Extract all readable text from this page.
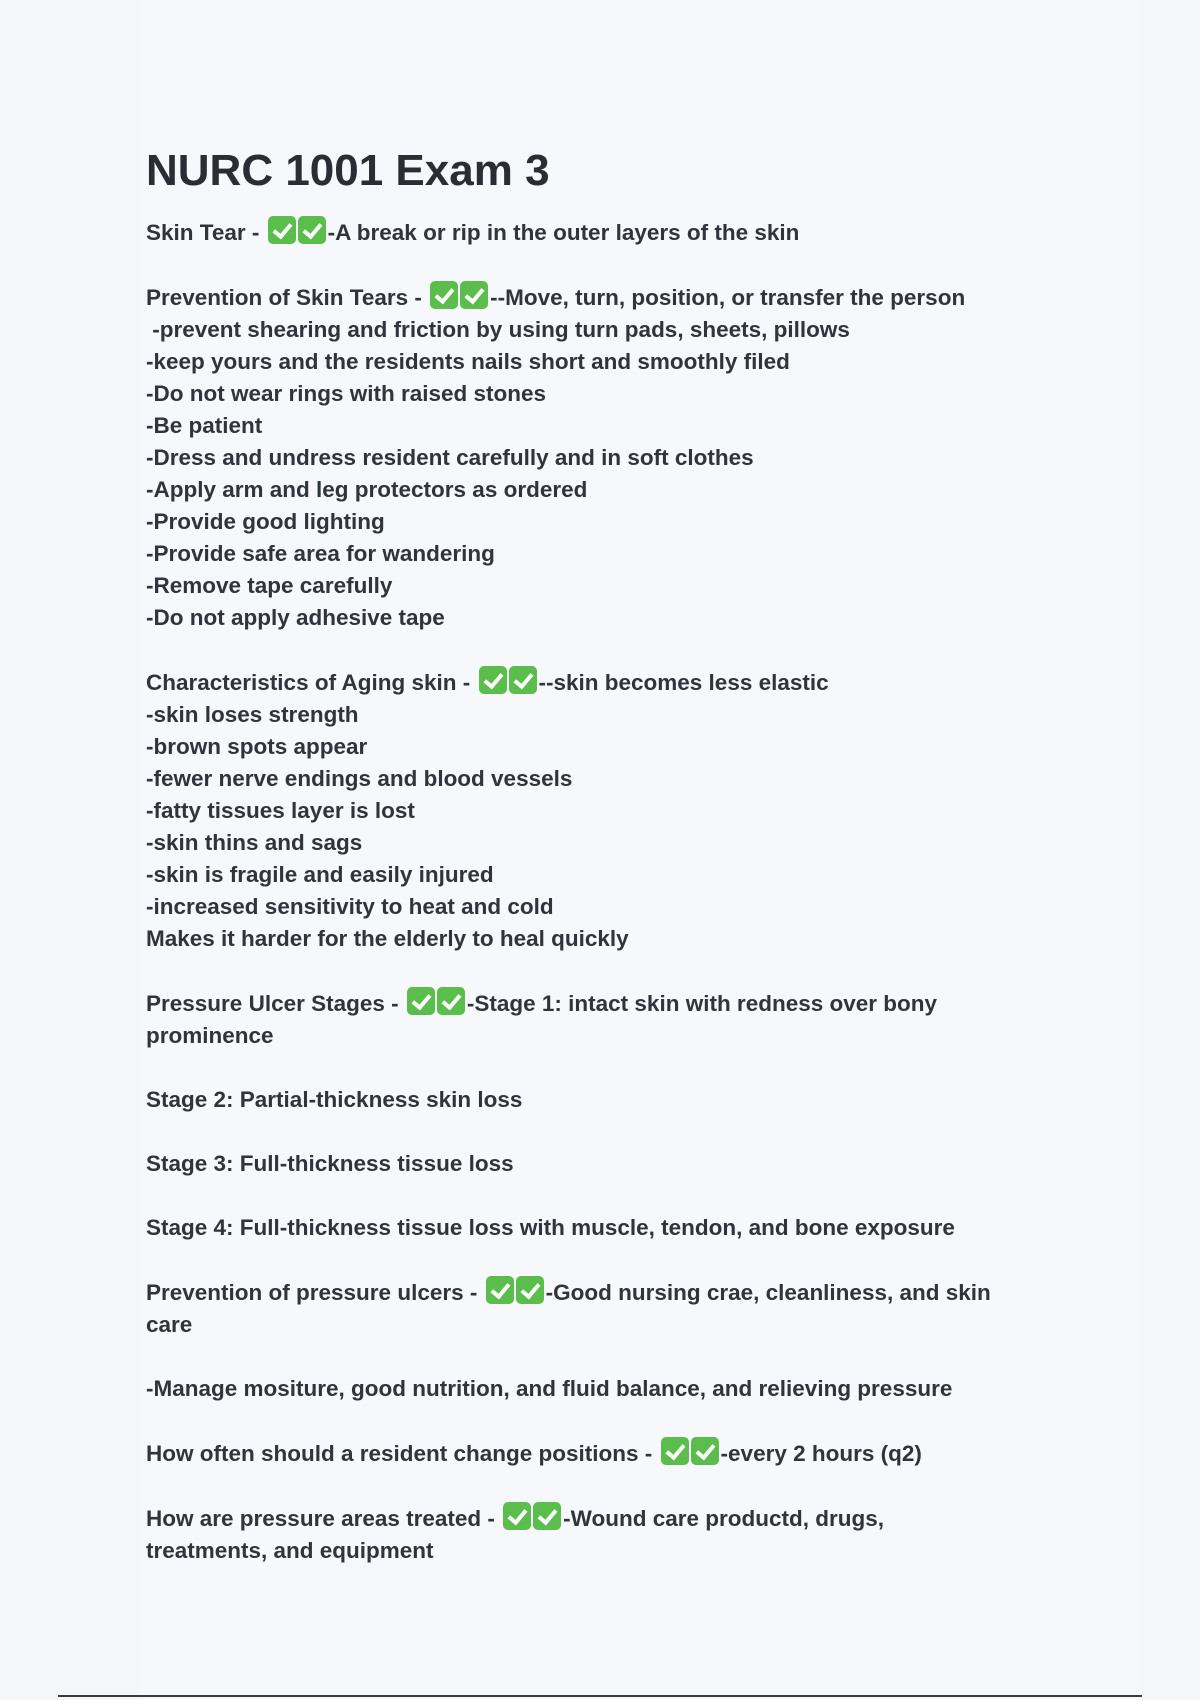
NURC 1001 Exam 3

Skin Tear -	-A break or rip in the outer layers of the skin

Prevention of Skin Tears -	--Move, turn, position, or transfer the person

-prevent shearing and friction by using turn pads, sheets, pillows

-keep yours and the residents nails short and smoothly filed

-Do not wear rings with raised stones

-Be patient

-Dress and undress resident carefully and in soft clothes

-Apply arm and leg protectors as ordered

-Provide good lighting

-Provide safe area for wandering

-Remove tape carefully

-Do not apply adhesive tape

Characteristics of Aging skin -	--skin becomes less elastic

-skin loses strength

-brown spots appear

-fewer nerve endings and blood vessels

-fatty tissues layer is lost

-skin thins and sags

-skin is fragile and easily injured

-increased sensitivity to heat and cold

Makes it harder for the elderly to heal quickly

Pressure Ulcer Stages -	-Stage 1: intact skin with redness over bony

prominence

Stage 2: Partial-thickness skin loss

Stage 3: Full-thickness tissue loss

Stage 4: Full-thickness tissue loss with muscle, tendon, and bone exposure

Prevention of pressure ulcers -	-Good nursing crae, cleanliness, and skin

care

-Manage mositure, good nutrition, and fluid balance, and relieving pressure

How often should a resident change positions -	-every 2 hours (q2)

How are pressure areas treated -	-Wound care productd, drugs,

treatments, and equipment
